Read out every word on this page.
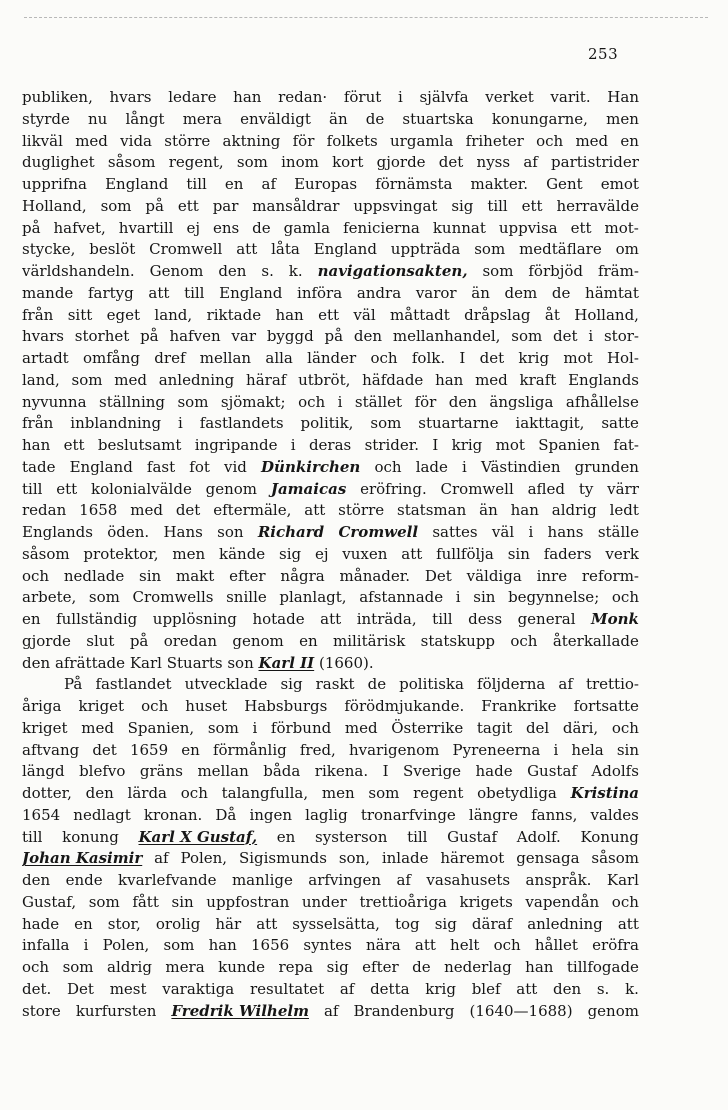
253
publiken, hvars ledare han redan· förut i självfa verket varit. Han
styrde nu långt mera enväldigt än de stuartska konungarne, men
likväl med vida större aktning för folkets urgamla friheter och med en
duglighet såsom regent, som inom kort gjorde det nyss af partistrider
upprifna England till en af Europas förnämsta makter. Gent emot
Holland, som på ett par mansåldrar uppsvingat sig till ett herravälde
på hafvet, hvartill ej ens de gamla fenicierna kunnat uppvisa ett mot-
stycke, beslöt Cromwell att låta England uppträda som medtäflare om
världshandeln. Genom den s. k. navigationsakten, som förbjöd främ-
mande fartyg att till England införa andra varor än dem de hämtat
från sitt eget land, riktade han ett väl måttadt dråpslag åt Holland,
hvars storhet på hafven var byggd på den mellanhandel, som det i stor-
artadt omfång dref mellan alla länder och folk. I det krig mot Hol-
land, som med anledning häraf utbröt, häfdade han med kraft Englands
nyvunna ställning som sjömakt; och i stället för den ängsliga afhållelse
från inblandning i fastlandets politik, som stuartarne iakttagit, satte
han ett beslutsamt ingripande i deras strider. I krig mot Spanien fat-
tade England fast fot vid Dünkirchen och lade i Västindien grunden
till ett kolonialvälde genom Jamaicas eröfring. Cromwell afled ty värr
redan 1658 med det eftermäle, att större statsman än han aldrig ledt
Englands öden. Hans son Richard Cromwell sattes väl i hans ställe
såsom protektor, men kände sig ej vuxen att fullfölja sin faders verk
och nedlade sin makt efter några månader. Det väldiga inre reform-
arbete, som Cromwells snille planlagt, afstannade i sin begynnelse; och
en fullständig upplösning hotade att inträda, till dess general Monk
gjorde slut på oredan genom en militärisk statskupp och återkallade
den afrättade Karl Stuarts son Karl II (1660).
På fastlandet utvecklade sig raskt de politiska följderna af trettio-
åriga kriget och huset Habsburgs förödmjukande. Frankrike fortsatte
kriget med Spanien, som i förbund med Österrike tagit del däri, och
aftvang det 1659 en förmånlig fred, hvarigenom Pyreneerna i hela sin
längd blefvo gräns mellan båda rikena. I Sverige hade Gustaf Adolfs
dotter, den lärda och talangfulla, men som regent obetydliga Kristina
1654 nedlagt kronan. Då ingen laglig tronarfvinge längre fanns, valdes
till konung Karl X Gustaf, en systerson till Gustaf Adolf. Konung
Johan Kasimir af Polen, Sigismunds son, inlade häremot gensaga såsom
den ende kvarlefvande manlige arfvingen af vasahusets anspråk. Karl
Gustaf, som fått sin uppfostran under trettioåriga krigets vapendån och
hade en stor, orolig här att sysselsätta, tog sig däraf anledning att
infalla i Polen, som han 1656 syntes nära att helt och hållet eröfra
och som aldrig mera kunde repa sig efter de nederlag han tillfogade
det. Det mest varaktiga resultatet af detta krig blef att den s. k.
store kurfursten Fredrik Wilhelm af Brandenburg (1640—1688) genom
